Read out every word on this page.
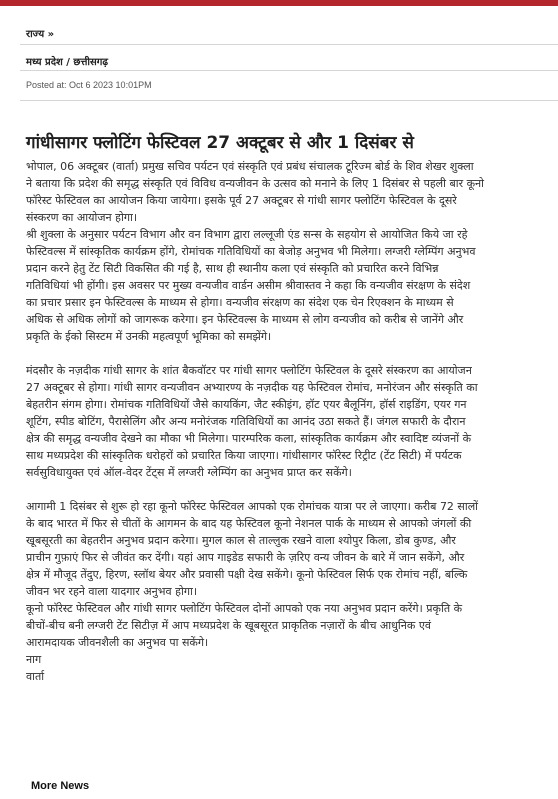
राज्य »
मध्य प्रदेश / छत्तीसगढ़
Posted at: Oct 6 2023 10:01PM
गांधीसागर फ्लोटिंग फेस्टिवल 27 अक्टूबर से और 1 दिसंबर से
भोपाल, 06 अक्टूबर (वार्ता) प्रमुख सचिव पर्यटन एवं संस्कृति एवं प्रबंध संचालक टूरिज्म बोर्ड के शिव शेखर शुक्ला
ने बताया कि प्रदेश की समृद्ध संस्कृति एवं विविध वन्यजीवन के उत्सव को मनाने के लिए 1 दिसंबर से पहली बार कूनो
फॉरेस्ट फेस्टिवल का आयोजन किया जायेगा। इसके पूर्व 27 अक्टूबर से गांधी सागर फ्लोटिंग फेस्टिवल के दूसरे
संस्करण का आयोजन होगा।
श्री शुक्ला के अनुसार पर्यटन विभाग और वन विभाग द्वारा लल्लूजी एंड सन्स के सहयोग से आयोजित किये जा रहे
फेस्टिवल्स में सांस्कृतिक कार्यक्रम होंगे, रोमांचक गतिविधियों का बेजोड़ अनुभव भी मिलेगा। लग्जरी ग्लेम्पिंग अनुभव
प्रदान करने हेतु टेंट सिटी विकसित की गई है, साथ ही स्थानीय कला एवं संस्कृति को प्रचारित करने विभिन्न
गतिविधियां भी होंगी। इस अवसर पर मुख्य वन्यजीव वार्डन असीम श्रीवास्तव ने कहा कि वन्यजीव संरक्षण के संदेश
का प्रचार प्रसार इन फेस्टिवल्स के माध्यम से होगा। वन्यजीव संरक्षण का संदेश एक चेन रिएक्शन के माध्यम से
अधिक से अधिक लोगों को जागरूक करेगा। इन फेस्टिवल्स के माध्यम से लोग वन्यजीव को करीब से जानेंगे और
प्रकृति के ईको सिस्टम में उनकी महत्वपूर्ण भूमिका को समझेंगे।
मंदसौर के नज़दीक गांधी सागर के शांत बैकवॉटर पर गांधी सागर फ्लोटिंग फेस्टिवल के दूसरे संस्करण का आयोजन
27 अक्टूबर से होगा। गांधी सागर वन्यजीवन अभ्यारण्य के नज़दीक यह फेस्टिवल रोमांच, मनोरंजन और संस्कृति का
बेहतरीन संगम होगा। रोमांचक गतिविधियों जैसे कायकिंग, जैट स्कीइंग, हॉट एयर बैलूनिंग, हॉर्स राइडिंग, एयर गन
शूटिंग, स्पीड बोटिंग, पैरासेलिंग और अन्य मनोरंजक गतिविधियों का आनंद उठा सकते हैं। जंगल सफारी के दौरान
क्षेत्र की समृद्ध वन्यजीव देखने का मौका भी मिलेगा। पारम्परिक कला, सांस्कृतिक कार्यक्रम और स्वादिष्ट व्यंजनों के
साथ मध्यप्रदेश की सांस्कृतिक धरोहरों को प्रचारित किया जाएगा। गांधीसागर फॉरेस्ट रिट्रीट (टेंट सिटी) में पर्यटक
सर्वसुविधायुक्त एवं ऑल-वेदर टेंट्स में लग्जरी ग्लेम्पिंग का अनुभव प्राप्त कर सकेंगे।
आगामी 1 दिसंबर से शुरू हो रहा कूनो फॉरेस्ट फेस्टिवल आपको एक रोमांचक यात्रा पर ले जाएगा। करीब 72 सालों
के बाद भारत में फिर से चीतों के आगमन के बाद यह फेस्टिवल कूनो नेशनल पार्क के माध्यम से आपको जंगलों की
खूबसूरती का बेहतरीन अनुभव प्रदान करेगा। मुगल काल से ताल्लुक रखने वाला श्योपुर किला, डोब कुण्ड, और
प्राचीन गुफ़ाएं फिर से जीवंत कर देंगी। यहां आप गाइडेड सफारी के ज़रिए वन्य जीवन के बारे में जान सकेंगे, और
क्षेत्र में मौजूद तेंदुए, हिरण, स्लॉथ बेयर और प्रवासी पक्षी देख सकेंगे। कूनो फेस्टिवल सिर्फ एक रोमांच नहीं, बल्कि
जीवन भर रहने वाला यादगार अनुभव होगा।
कूनो फॉरेस्ट फेस्टिवल और गांधी सागर फ्लोटिंग फेस्टिवल दोनों आपको एक नया अनुभव प्रदान करेंगे। प्रकृति के
बीचों-बीच बनी लग्जरी टेंट सिटीज़ में आप मध्यप्रदेश के खूबसूरत प्राकृतिक नज़ारों के बीच आधुनिक एवं
आरामदायक जीवनशैली का अनुभव पा सकेंगे।
नाग
वार्ता
More News
